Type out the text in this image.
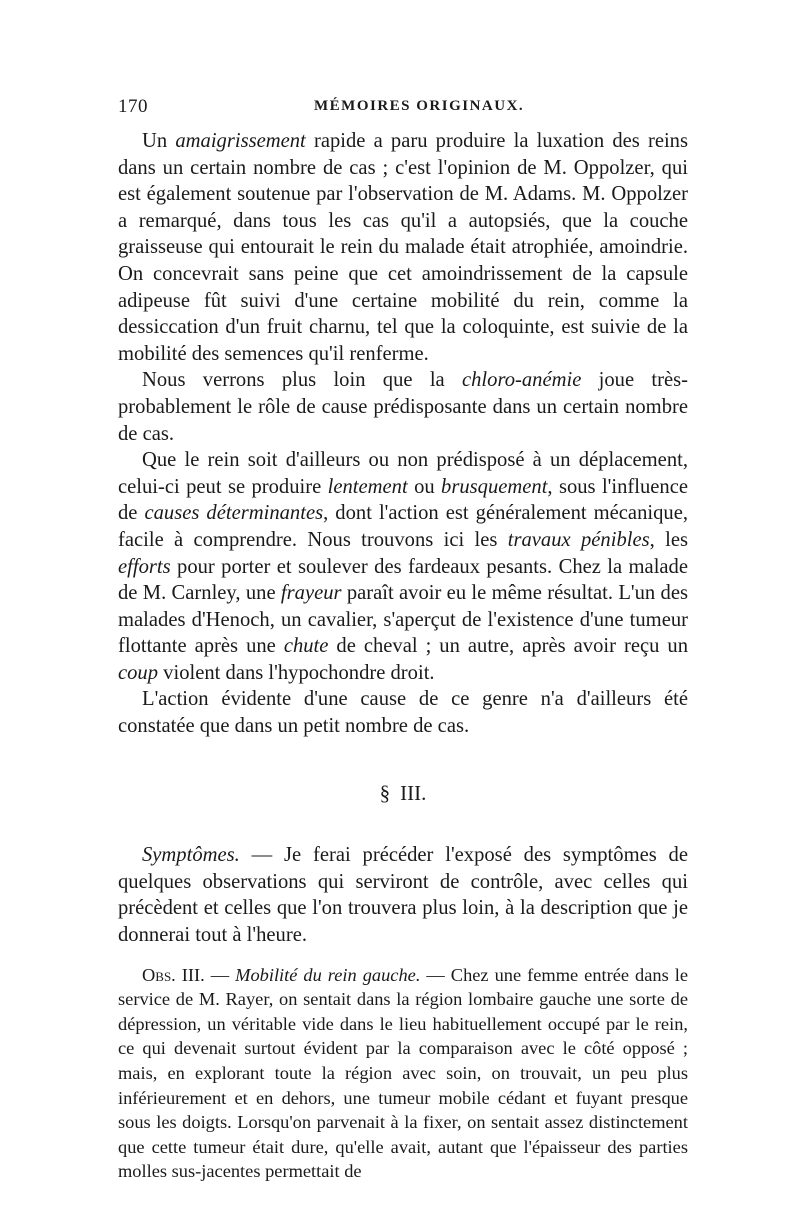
170	MÉMOIRES ORIGINAUX.

Un amaigrissement rapide a paru produire la luxation des reins dans un certain nombre de cas ; c'est l'opinion de M. Oppolzer, qui est également soutenue par l'observation de M. Adams. M. Oppolzer a remarqué, dans tous les cas qu'il a autopsiés, que la couche graisseuse qui entourait le rein du malade était atrophiée, amoindrie. On concevrait sans peine que cet amoindrissement de la capsule adipeuse fût suivi d'une certaine mobilité du rein, comme la dessiccation d'un fruit charnu, tel que la coloquinte, est suivie de la mobilité des semences qu'il renferme.

Nous verrons plus loin que la chloro-anémie joue très-probablement le rôle de cause prédisposante dans un certain nombre de cas.

Que le rein soit d'ailleurs ou non prédisposé à un déplacement, celui-ci peut se produire lentement ou brusquement, sous l'influence de causes déterminantes, dont l'action est généralement mécanique, facile à comprendre. Nous trouvons ici les travaux pénibles, les efforts pour porter et soulever des fardeaux pesants. Chez la malade de M. Carnley, une frayeur paraît avoir eu le même résultat. L'un des malades d'Henoch, un cavalier, s'aperçut de l'existence d'une tumeur flottante après une chute de cheval ; un autre, après avoir reçu un coup violent dans l'hypochondre droit.

L'action évidente d'une cause de ce genre n'a d'ailleurs été constatée que dans un petit nombre de cas.

§ III.

Symptômes. — Je ferai précéder l'exposé des symptômes de quelques observations qui serviront de contrôle, avec celles qui précèdent et celles que l'on trouvera plus loin, à la description que je donnerai tout à l'heure.

Obs. III. — Mobilité du rein gauche. — Chez une femme entrée dans le service de M. Rayer, on sentait dans la région lombaire gauche une sorte de dépression, un véritable vide dans le lieu habituellement occupé par le rein, ce qui devenait surtout évident par la comparaison avec le côté opposé ; mais, en explorant toute la région avec soin, on trouvait, un peu plus inférieurement et en dehors, une tumeur mobile cédant et fuyant presque sous les doigts. Lorsqu'on parvenait à la fixer, on sentait assez distinctement que cette tumeur était dure, qu'elle avait, autant que l'épaisseur des parties molles sus-jacentes permettait de
